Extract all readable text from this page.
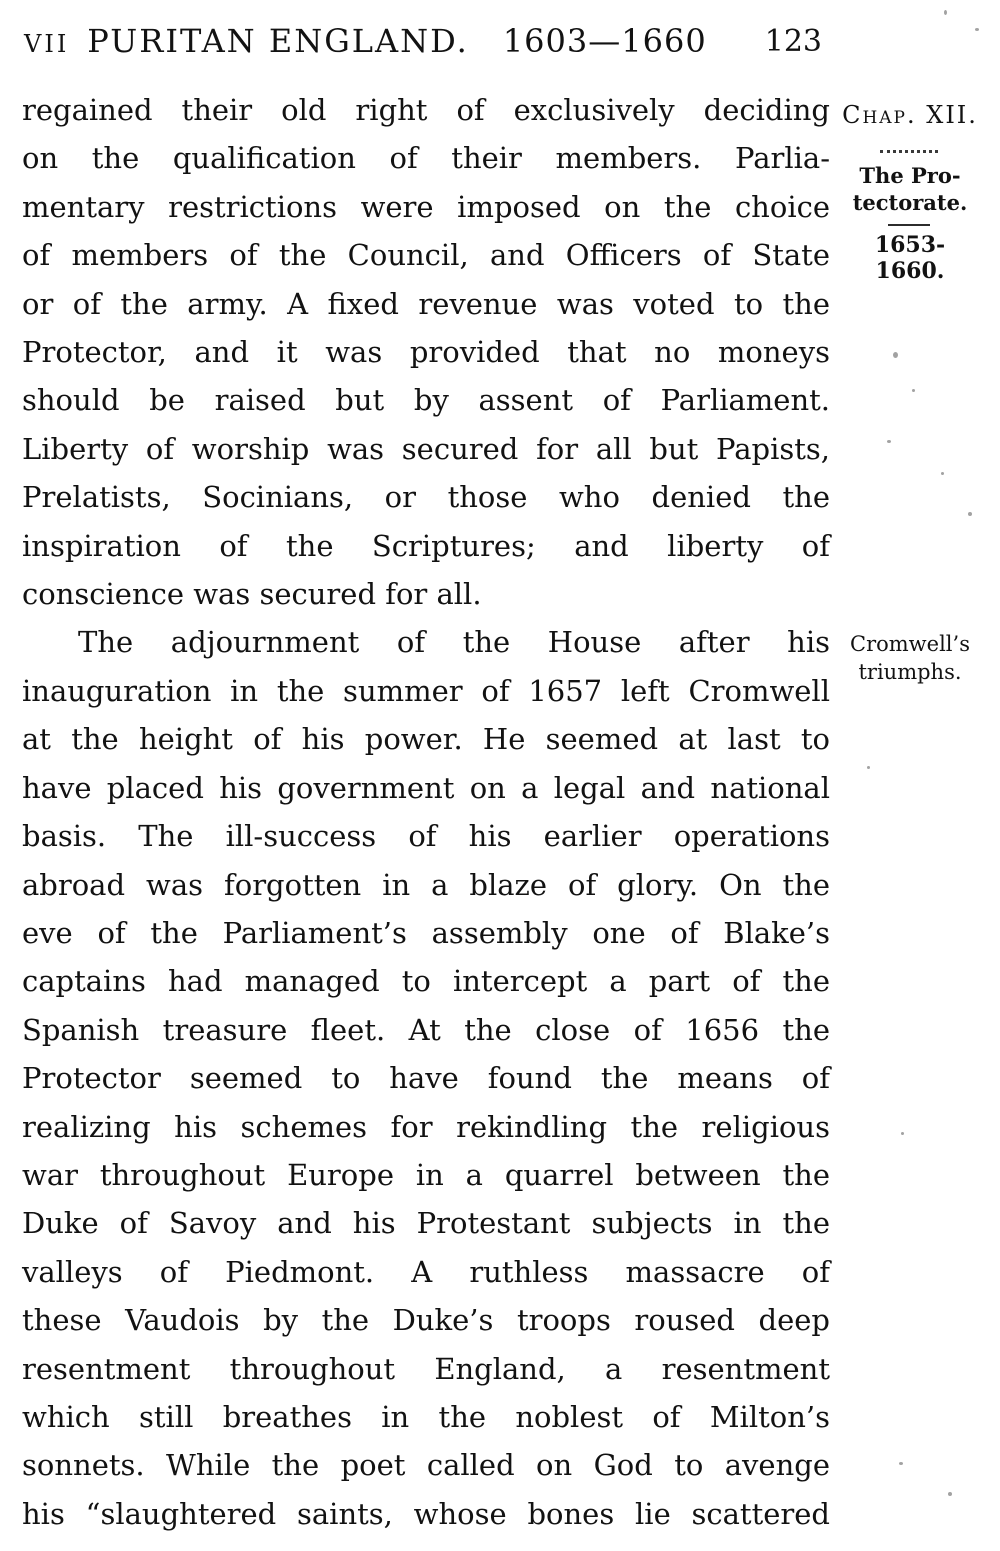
VII PURITAN ENGLAND. 1603—1660	123
regained their old right of exclusively deciding
on the qualification of their members. Parlia-
mentary restrictions were imposed on the choice
of members of the Council, and Officers of State
or of the army. A fixed revenue was voted to the
Protector, and it was provided that no moneys
should be raised but by assent of Parliament.
Liberty of worship was secured for all but Papists,
Prelatists, Socinians, or those who denied the
inspiration of the Scriptures; and liberty of
conscience was secured for all.
The adjournment of the House after his
inauguration in the summer of 1657 left Cromwell
at the height of his power. He seemed at last to
have placed his government on a legal and national
basis. The ill-success of his earlier operations
abroad was forgotten in a blaze of glory. On the
eve of the Parliament’s assembly one of Blake’s
captains had managed to intercept a part of the
Spanish treasure fleet. At the close of 1656 the
Protector seemed to have found the means of
realizing his schemes for rekindling the religious
war throughout Europe in a quarrel between the
Duke of Savoy and his Protestant subjects in the
valleys of Piedmont. A ruthless massacre of
these Vaudois by the Duke’s troops roused deep
resentment throughout England, a resentment
which still breathes in the noblest of Milton’s
sonnets. While the poet called on God to avenge
his “slaughtered saints, whose bones lie scattered
Chap. XII.
The Pro-
tectorate.
1653-1660.
Cromwell’s
triumphs.
